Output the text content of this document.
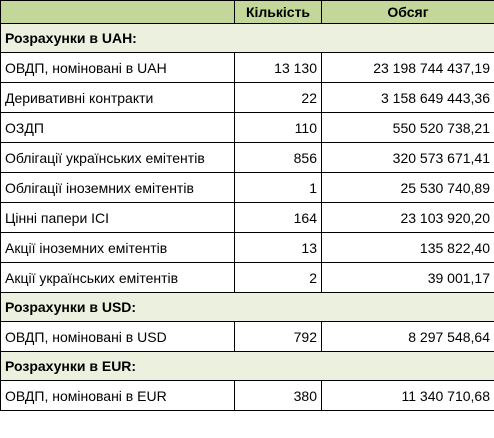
	Кількість	Обсяг
Розрахунки в UAH:		
ОВДП, номіновані в UAH	13 130	23 198 744 437,19
Деривативні контракти	22	3 158 649 443,36
ОЗДП	110	550 520 738,21
Облігації українських емітентів	856	320 573 671,41
Облігації іноземних емітентів	1	25 530 740,89
Цінні папери ІСІ	164	23 103 920,20
Акції іноземних емітентів	13	135 822,40
Акції українських емітентів	2	39 001,17
Розрахунки в USD:		
ОВДП, номіновані в USD	792	8 297 548,64
Розрахунки в EUR:		
ОВДП, номіновані в EUR	380	11 340 710,68
